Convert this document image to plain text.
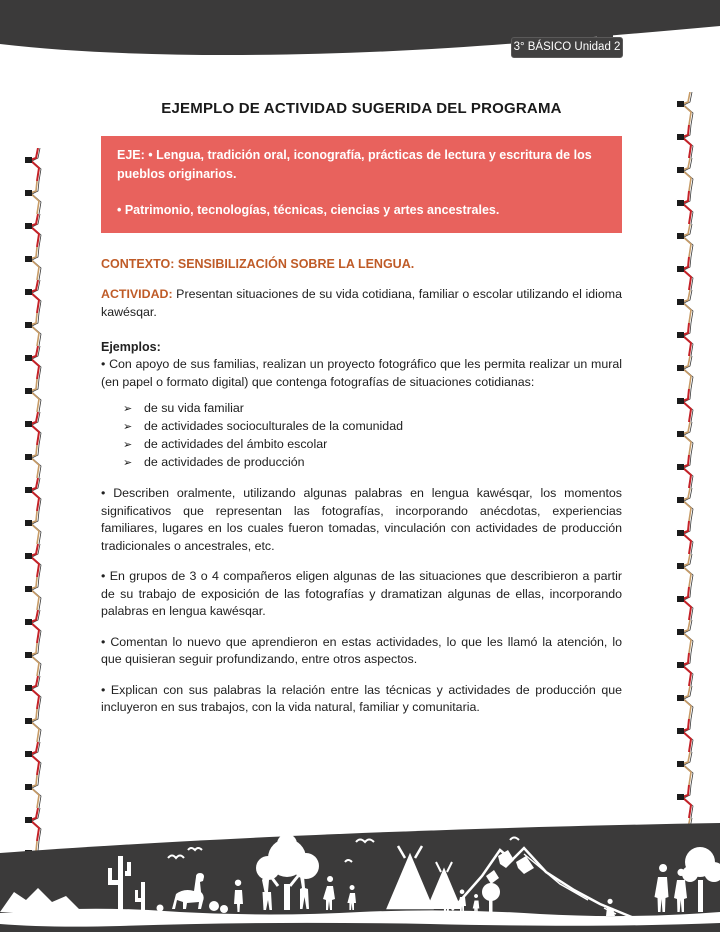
3° BÁSICO Unidad 2
EJEMPLO DE ACTIVIDAD SUGERIDA DEL PROGRAMA

EJE: • Lengua, tradición oral, iconografía, prácticas de lectura y escritura de los pueblos originarios.

• Patrimonio, tecnologías, técnicas, ciencias y artes ancestrales.

CONTEXTO: SENSIBILIZACIÓN SOBRE LA LENGUA.

ACTIVIDAD: Presentan situaciones de su vida cotidiana, familiar o escolar utilizando el idioma kawésqar.

Ejemplos:

• Con apoyo de sus familias, realizan un proyecto fotográfico que les permita realizar un mural (en papel o formato digital) que contenga fotografías de situaciones cotidianas:

➢ de su vida familiar
➢ de actividades socioculturales de la comunidad
➢ de actividades del ámbito escolar
➢ de actividades de producción

• Describen oralmente, utilizando algunas palabras en lengua kawésqar, los momentos significativos que representan las fotografías, incorporando anécdotas, experiencias familiares, lugares en los cuales fueron tomadas, vinculación con actividades de producción tradicionales o ancestrales, etc.

• En grupos de 3 o 4 compañeros eligen algunas de las situaciones que describieron a partir de su trabajo de exposición de las fotografías y dramatizan algunas de ellas, incorporando palabras en lengua kawésqar.

• Comentan lo nuevo que aprendieron en estas actividades, lo que les llamó la atención, lo que quisieran seguir profundizando, entre otros aspectos.

• Explican con sus palabras la relación entre las técnicas y actividades de producción que incluyeron en sus trabajos, con la vida natural, familiar y comunitaria.
